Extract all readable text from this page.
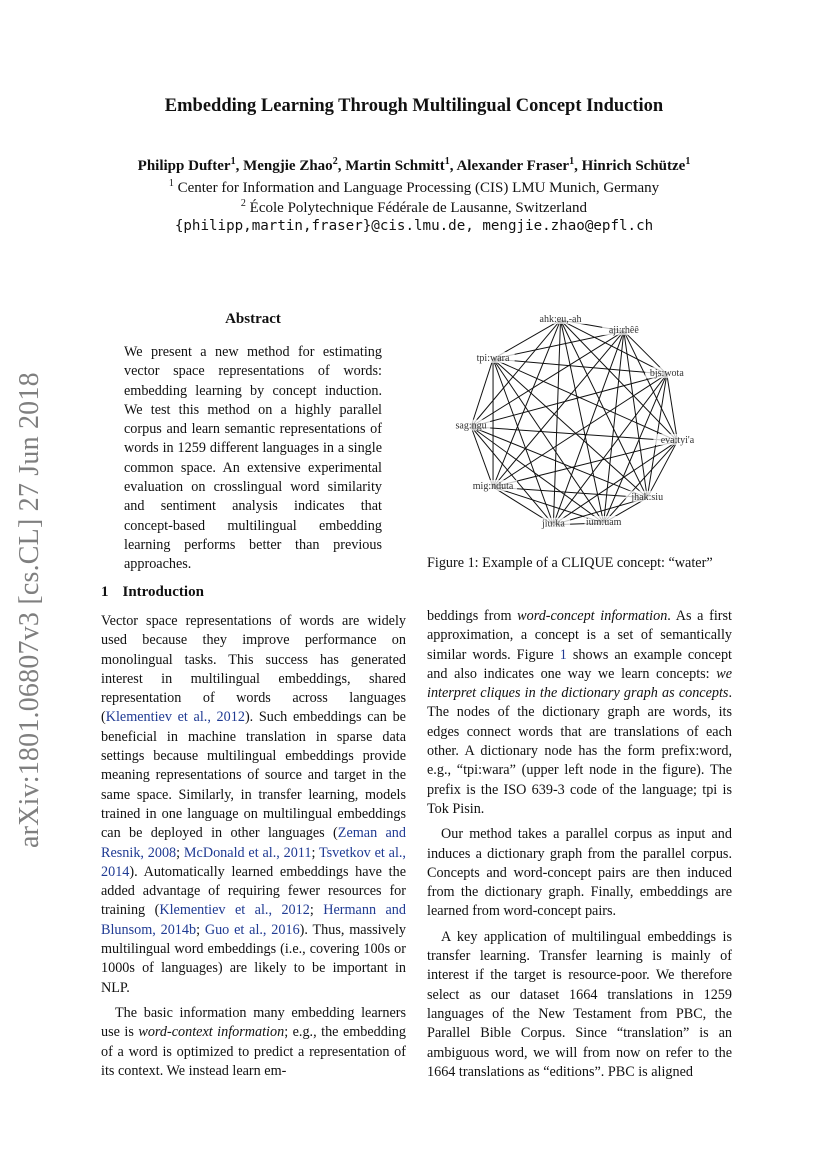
arXiv:1801.06807v3 [cs.CL] 27 Jun 2018
Embedding Learning Through Multilingual Concept Induction
Philipp Dufter$^1$, Mengjie Zhao$^2$, Martin Schmitt$^1$, Alexander Fraser$^1$, Hinrich Schütze$^1$
$^1$ Center for Information and Language Processing (CIS) LMU Munich, Germany
$^2$ École Polytechnique Fédérale de Lausanne, Switzerland
{philipp,martin,fraser}@cis.lmu.de, mengjie.zhao@epfl.ch
Abstract
We present a new method for estimating vector space representations of words: embedding learning by concept induction. We test this method on a highly parallel corpus and learn semantic representations of words in 1259 different languages in a single common space. An extensive experimental evaluation on crosslingual word similarity and sentiment analysis indicates that concept-based multilingual embedding learning performs better than previous approaches.
ahk:eu,-ah
aji:rhêê
bjs:wota
eva:tyi'a
jhak:siu
ium:uam
jiu:ka
mig:nduta
sag:ngu
tpi:wara
Figure 1: Example of a CLIQUE concept: “water”
1 Introduction

Vector space representations of words are widely used because they improve performance on monolingual tasks. This success has generated interest in multilingual embeddings, shared representation of words across languages (Klementiev et al., 2012). Such embeddings can be beneficial in machine translation in sparse data settings because multilingual embeddings provide meaning representations of source and target in the same space. Similarly, in transfer learning, models trained in one language on multilingual embeddings can be deployed in other languages (Zeman and Resnik, 2008; McDonald et al., 2011; Tsvetkov et al., 2014). Automatically learned embeddings have the added advantage of requiring fewer resources for training (Klementiev et al., 2012; Hermann and Blunsom, 2014b; Guo et al., 2016). Thus, massively multilingual word embeddings (i.e., covering 100s or 1000s of languages) are likely to be important in NLP.

The basic information many embedding learners use is word-context information; e.g., the embedding of a word is optimized to predict a representation of its context. We instead learn em-

beddings from word-concept information. As a first approximation, a concept is a set of semantically similar words. Figure 1 shows an example concept and also indicates one way we learn concepts: we interpret cliques in the dictionary graph as concepts. The nodes of the dictionary graph are words, its edges connect words that are translations of each other. A dictionary node has the form prefix:word, e.g., “tpi:wara” (upper left node in the figure). The prefix is the ISO 639-3 code of the language; tpi is Tok Pisin.

Our method takes a parallel corpus as input and induces a dictionary graph from the parallel corpus. Concepts and word-concept pairs are then induced from the dictionary graph. Finally, embeddings are learned from word-concept pairs.

A key application of multilingual embeddings is transfer learning. Transfer learning is mainly of interest if the target is resource-poor. We therefore select as our dataset 1664 translations in 1259 languages of the New Testament from PBC, the Parallel Bible Corpus. Since “translation” is an ambiguous word, we will from now on refer to the 1664 translations as “editions”. PBC is aligned
